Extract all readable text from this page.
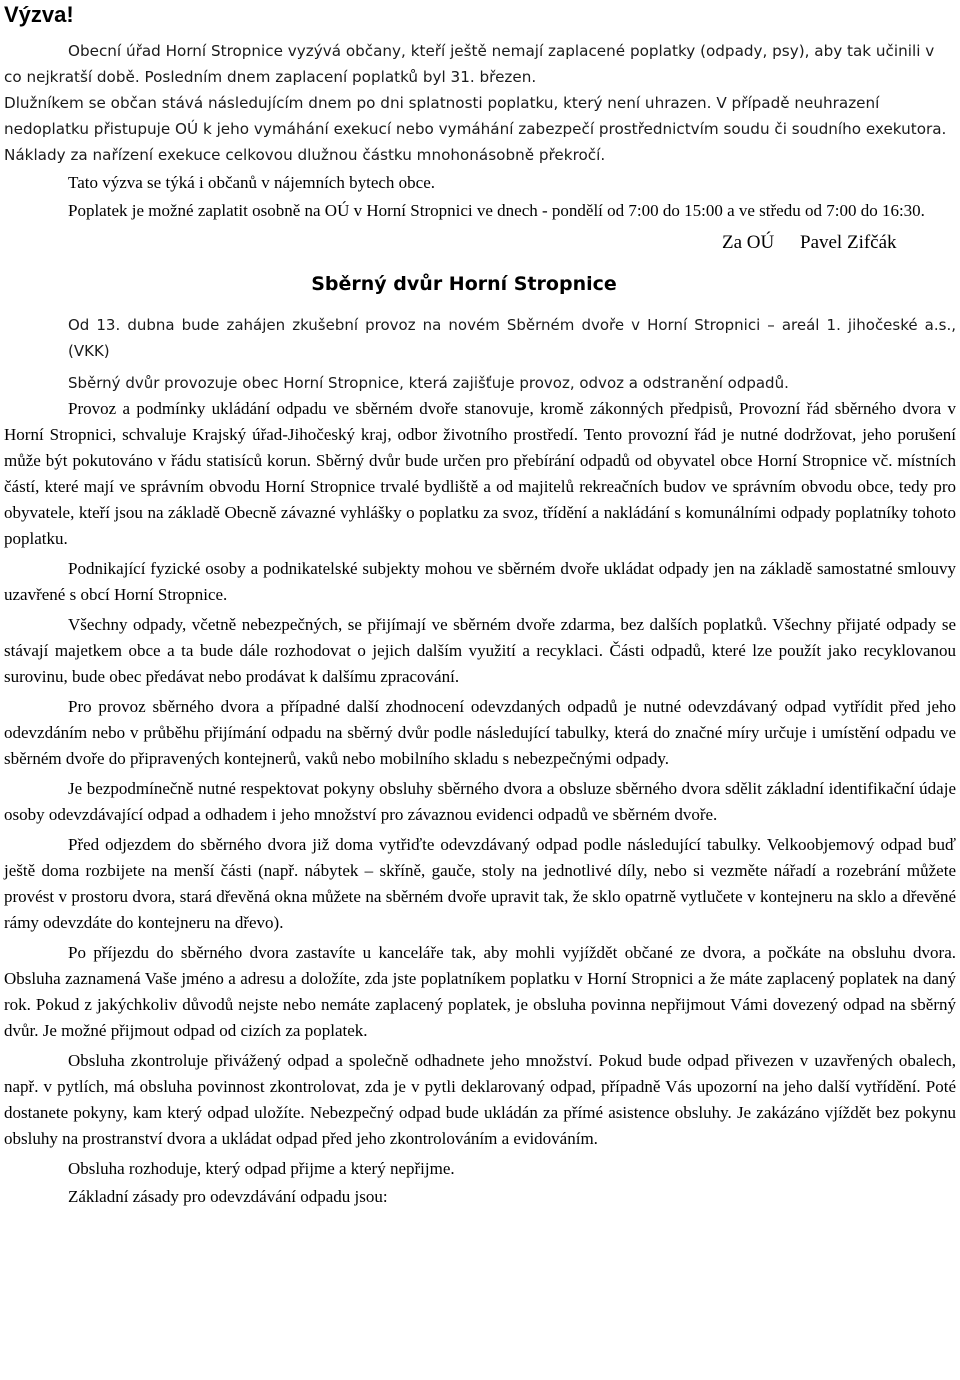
Výzva!

Obecní úřad Horní Stropnice vyzývá občany, kteří ještě nemají zaplacené poplatky (odpady, psy), aby tak učinili v co nejkratší době. Posledním dnem zaplacení poplatků byl 31. březen.

Dlužníkem se občan stává následujícím dnem po dni splatnosti poplatku, který není uhrazen. V případě neuhrazení nedoplatku přistupuje OÚ k jeho vymáhání exekucí nebo vymáhání zabezpečí prostřednictvím soudu či soudního exekutora. Náklady za nařízení exekuce celkovou dlužnou částku mnohonásobně překročí.

Tato výzva se týká i občanů v nájemních bytech obce.

Poplatek je možné zaplatit osobně na OÚ v Horní Stropnici ve dnech - pondělí od 7:00 do 15:00 a ve středu od 7:00 do 16:30.

Za OÚ Pavel Zifčák
Sběrný dvůr Horní Stropnice

Od 13. dubna bude zahájen zkušební provoz na novém Sběrném dvoře v Horní Stropnici – areál 1. jihočeské a.s., (VKK)

Sběrný dvůr provozuje obec Horní Stropnice, která zajišťuje provoz, odvoz a odstranění odpadů.

Provoz a podmínky ukládání odpadu ve sběrném dvoře stanovuje, kromě zákonných předpisů, Provozní řád sběrného dvora v Horní Stropnici, schvaluje Krajský úřad-Jihočeský kraj, odbor životního prostředí. Tento provozní řád je nutné dodržovat, jeho porušení může být pokutováno v řádu statisíců korun. Sběrný dvůr bude určen pro přebírání odpadů od obyvatel obce Horní Stropnice vč. místních částí, které mají ve správním obvodu Horní Stropnice trvalé bydliště a od majitelů rekreačních budov ve správním obvodu obce, tedy pro obyvatele, kteří jsou na základě Obecně závazné vyhlášky o poplatku za svoz, třídění a nakládání s komunálními odpady poplatníky tohoto poplatku.

Podnikající fyzické osoby a podnikatelské subjekty mohou ve sběrném dvoře ukládat odpady jen na základě samostatné smlouvy uzavřené s obcí Horní Stropnice.

Všechny odpady, včetně nebezpečných, se přijímají ve sběrném dvoře zdarma, bez dalších poplatků. Všechny přijaté odpady se stávají majetkem obce a ta bude dále rozhodovat o jejich dalším využití a recyklaci. Části odpadů, které lze použít jako recyklovanou surovinu, bude obec předávat nebo prodávat k dalšímu zpracování.

Pro provoz sběrného dvora a případné další zhodnocení odevzdaných odpadů je nutné odevzdávaný odpad vytřídit před jeho odevzdáním nebo v průběhu přijímání odpadu na sběrný dvůr podle následující tabulky, která do značné míry určuje i umístění odpadu ve sběrném dvoře do připravených kontejnerů, vaků nebo mobilního skladu s nebezpečnými odpady.

Je bezpodmínečně nutné respektovat pokyny obsluhy sběrného dvora a obsluze sběrného dvora sdělit základní identifikační údaje osoby odevzdávající odpad a odhadem i jeho množství pro závaznou evidenci odpadů ve sběrném dvoře.

Před odjezdem do sběrného dvora již doma vytřiďte odevzdávaný odpad podle následující tabulky. Velkoobjemový odpad buď ještě doma rozbijete na menší části (např. nábytek – skříně, gauče, stoly na jednotlivé díly, nebo si vezměte nářadí a rozebrání můžete provést v prostoru dvora, stará dřevěná okna můžete na sběrném dvoře upravit tak, že sklo opatrně vytlučete v kontejneru na sklo a dřevěné rámy odevzdáte do kontejneru na dřevo).

Po příjezdu do sběrného dvora zastavíte u kanceláře tak, aby mohli vyjíždět občané ze dvora, a počkáte na obsluhu dvora. Obsluha zaznamená Vaše jméno a adresu a doložíte, zda jste poplatníkem poplatku v Horní Stropnici a že máte zaplacený poplatek na daný rok. Pokud z jakýchkoliv důvodů nejste nebo nemáte zaplacený poplatek, je obsluha povinna nepřijmout Vámi dovezený odpad na sběrný dvůr. Je možné přijmout odpad od cizích za poplatek.

Obsluha zkontroluje přivážený odpad a společně odhadnete jeho množství. Pokud bude odpad přivezen v uzavřených obalech, např. v pytlích, má obsluha povinnost zkontrolovat, zda je v pytli deklarovaný odpad, případně Vás upozorní na jeho další vytřídění. Poté dostanete pokyny, kam který odpad uložíte. Nebezpečný odpad bude ukládán za přímé asistence obsluhy. Je zakázáno vjíždět bez pokynu obsluhy na prostranství dvora a ukládat odpad před jeho zkontrolováním a evidováním.

Obsluha rozhoduje, který odpad přijme a který nepřijme.

Základní zásady pro odevzdávání odpadu jsou:
